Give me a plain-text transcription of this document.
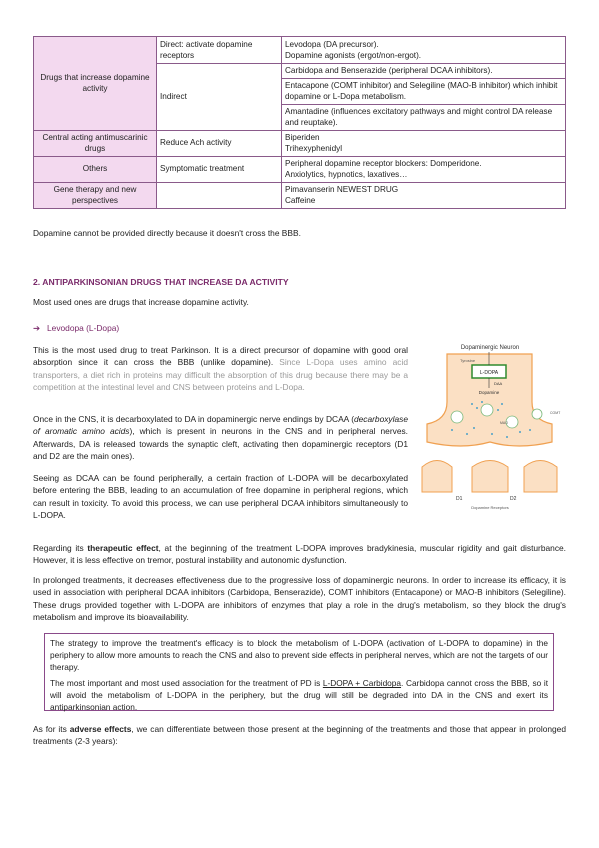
Drugs that increase dopamine activity	Direct: activate dopamine receptors	Levodopa (DA precursor).
Dopamine agonists (ergot/non-ergot).

	Indirect	Carbidopa and Benserazide (peripheral DCAA inhibitors).
		Entacapone (COMT inhibitor) and Selegiline (MAO-B inhibitor) which inhibit dopamine or L-Dopa metabolism.
		Amantadine (influences excitatory pathways and might control DA release and reuptake).
Central acting antimuscarinic drugs	Reduce Ach activity	Biperiden
Trihexyphenidyl

Others	Symptomatic treatment	Peripheral dopamine receptor blockers: Domperidone.
Anxiolytics, hypnotics, laxatives…

Gene therapy and new perspectives		Pimavanserin NEWEST DRUG
Caffeine

Dopamine cannot be provided directly because it doesn't cross the BBB.

2. ANTIPARKINSONIAN DRUGS THAT INCREASE DA ACTIVITY

Most used ones are drugs that increase dopamine activity.

➔ Levodopa (L-Dopa)

This is the most used drug to treat Parkinson. It is a direct precursor of dopamine with good oral absorption since it can cross the BBB (unlike dopamine). Since L-Dopa uses amino acid transporters, a diet rich in proteins may difficult the absorption of this drug because there may be a competition at the intestinal level and CNS between proteins and L-Dopa.

Once in the CNS, it is decarboxylated to DA in dopaminergic nerve endings by DCAA (decarboxylase of aromatic amino acids), which is present in neurons in the CNS and in peripheral nerves. Afterwards, DA is released towards the synaptic cleft, activating then dopaminergic receptors (D1 and D2 are the main ones).

Seeing as DCAA can be found peripherally, a certain fraction of L-DOPA will be decarboxylated before entering the BBB, leading to an accumulation of free dopamine in peripheral regions, which can result in toxicity. To avoid this process, we can use peripheral DCAA inhibitors simultaneously to L-DOPA.

Dopaminergic Neuron
Tyrosine
L-DOPA
DAA
Dopamine
COMT
MAO
D1	D2
Dopamine Receptors

Regarding its therapeutic effect, at the beginning of the treatment L-DOPA improves bradykinesia, muscular rigidity and gait disturbance. However, it is less effective on tremor, postural instability and autonomic dysfunction.

In prolonged treatments, it decreases effectiveness due to the progressive loss of dopaminergic neurons. In order to increase its efficacy, it is used in association with peripheral DCAA inhibitors (Carbidopa, Benserazide), COMT inhibitors (Entacapone) or MAO-B inhibitors (Selegiline). These drugs provided together with L-DOPA are inhibitors of enzymes that play a role in the drug's metabolism, so they block the drug's metabolism and improve its bioavailability.

The strategy to improve the treatment's efficacy is to block the metabolism of L-DOPA (activation of L-DOPA to dopamine) in the periphery to allow more amounts to reach the CNS and also to prevent side effects in peripheral nerves, which are not the targets of our therapy.

The most important and most used association for the treatment of PD is L-DOPA + Carbidopa. Carbidopa cannot cross the BBB, so it will avoid the metabolism of L-DOPA in the periphery, but the drug will still be degraded into DA in the CNS and exert its antiparkinsonian action.

As for its adverse effects, we can differentiate between those present at the beginning of the treatments and those that appear in prolonged treatments (2-3 years):
